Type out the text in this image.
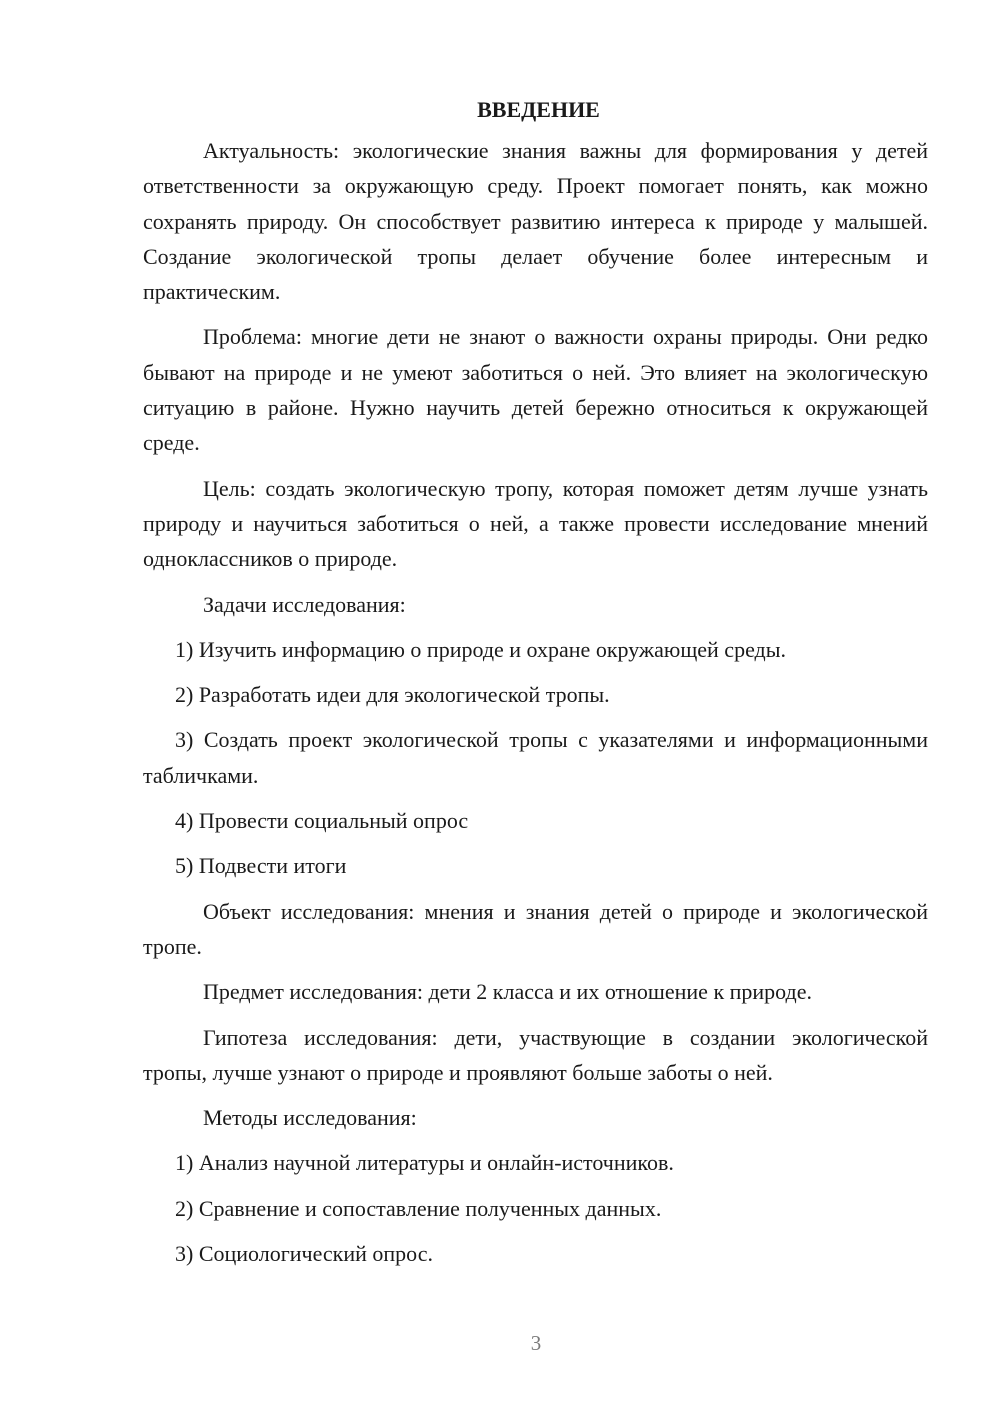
ВВЕДЕНИЕ

Актуальность: экологические знания важны для формирования у детей ответственности за окружающую среду. Проект помогает понять, как можно сохранять природу. Он способствует развитию интереса к природе у малышей. Создание экологической тропы делает обучение более интересным и практическим.

Проблема: многие дети не знают о важности охраны природы. Они редко бывают на природе и не умеют заботиться о ней. Это влияет на экологическую ситуацию в районе. Нужно научить детей бережно относиться к окружающей среде.

Цель: создать экологическую тропу, которая поможет детям лучше узнать природу и научиться заботиться о ней, а также провести исследование мнений одноклассников о природе.

Задачи исследования:

1) Изучить информацию о природе и охране окружающей среды.

2) Разработать идеи для экологической тропы.

3) Создать проект экологической тропы с указателями и информационными табличками.

4) Провести социальный опрос

5) Подвести итоги

Объект исследования: мнения и знания детей о природе и экологической тропе.

Предмет исследования: дети 2 класса и их отношение к природе.

Гипотеза исследования: дети, участвующие в создании экологической тропы, лучше узнают о природе и проявляют больше заботы о ней.

Методы исследования:

1) Анализ научной литературы и онлайн-источников.

2) Сравнение и сопоставление полученных данных.

3) Социологический опрос.

3
